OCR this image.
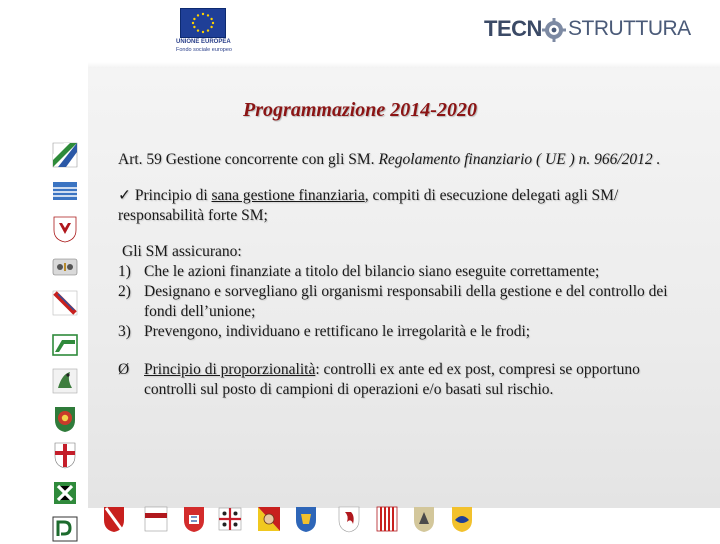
UNIONE EUROPEA
Fondo sociale europeo
TECN STRUTTURA
Programmazione 2014-2020

Art. 59 Gestione concorrente con gli SM. Regolamento finanziario ( UE ) n. 966/2012 .

✓ Principio di sana gestione finanziaria, compiti di esecuzione delegati agli SM/ responsabilità forte SM;

Gli SM assicurano:

1) Che le azioni finanziate a titolo del bilancio siano eseguite correttamente;
2) Designano e sorvegliano gli organismi responsabili della gestione e del controllo dei fondi dell’unione;
3) Prevengono, individuano e rettificano le irregolarità e le frodi;

Ø Principio di proporzionalità: controlli ex ante ed ex post, compresi se opportuno controlli sul posto di campioni di operazioni e/o basati sul rischio.
